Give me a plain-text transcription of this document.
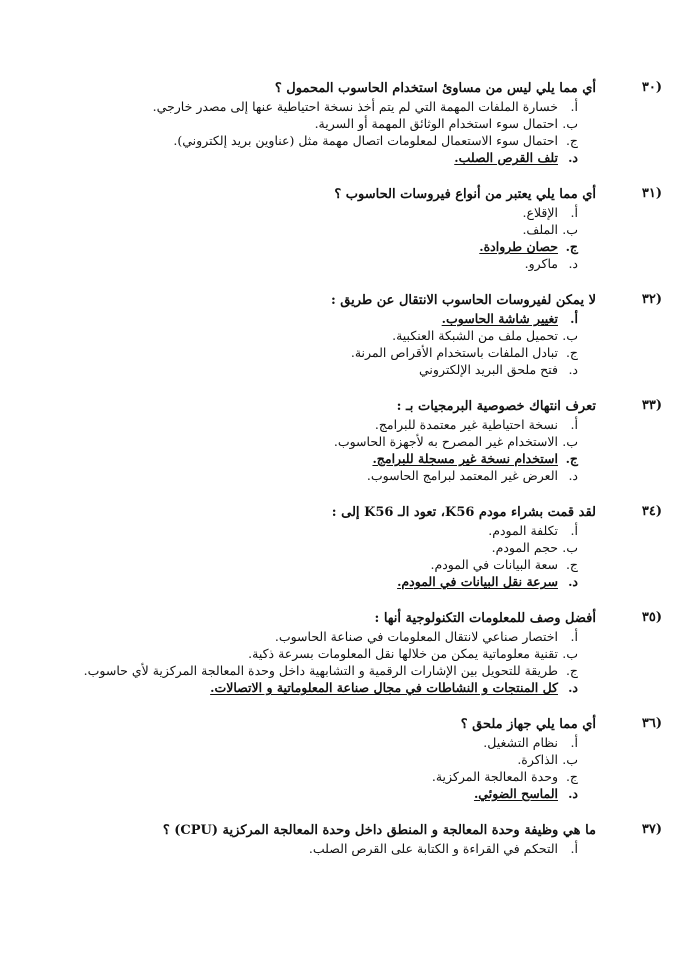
٣٠)
أي مما يلي ليس من مساوئ استخدام الحاسوب المحمول ؟
أ.
خسارة الملفات المهمة التي لم يتم أخذ نسخة احتياطية عنها إلى مصدر خارجي.
ب.
احتمال سوء استخدام الوثائق المهمة أو السرية.
ج.
احتمال سوء الاستعمال لمعلومات اتصال مهمة مثل (عناوين بريد إلكتروني).
د.
تلف القرص الصلب.
٣١)
أي مما يلي يعتبر من أنواع فيروسات الحاسوب ؟
أ.
الإقلاع.
ب.
الملف.
ج.
حصان طروادة.
د.
ماكرو.
٣٢)
لا يمكن لفيروسات الحاسوب الانتقال عن طريق :
أ.
تغيير شاشة الحاسوب.
ب.
تحميل ملف من الشبكة العنكبية.
ج.
تبادل الملفات باستخدام الأقراص المرنة.
د.
فتح ملحق البريد الإلكتروني
٣٣)
تعرف انتهاك خصوصية البرمجيات بـ :
أ.
نسخة احتياطية غير معتمدة للبرامج.
ب.
الاستخدام غير المصرح به لأجهزة الحاسوب.
ج.
استخدام نسخة غير مسجلة للبرامج.
د.
العرض غير المعتمد لبرامج الحاسوب.
٣٤)
لقد قمت بشراء مودم K56، تعود الـ K56 إلى :
أ.
تكلفة المودم.
ب.
حجم المودم.
ج.
سعة البيانات في المودم.
د.
سرعة نقل البيانات في المودم.
٣٥)
أفضل وصف للمعلومات التكنولوجية أنها :
أ.
اختصار صناعي لانتقال المعلومات في صناعة الحاسوب.
ب.
تقنية معلوماتية يمكن من خلالها نقل المعلومات بسرعة ذكية.
ج.
طريقة للتحويل بين الإشارات الرقمية و التشابهية داخل وحدة المعالجة المركزية لأي حاسوب.
د.
كل المنتجات و النشاطات في مجال صناعة المعلوماتية و الاتصالات.
٣٦)
أي مما يلي جهاز ملحق ؟
أ.
نظام التشغيل.
ب.
الذاكرة.
ج.
وحدة المعالجة المركزية.
د.
الماسح الضوئي.
٣٧)
ما هي وظيفة وحدة المعالجة و المنطق داخل وحدة المعالجة المركزية (CPU) ؟
أ.
التحكم في القراءة و الكتابة على القرص الصلب.
